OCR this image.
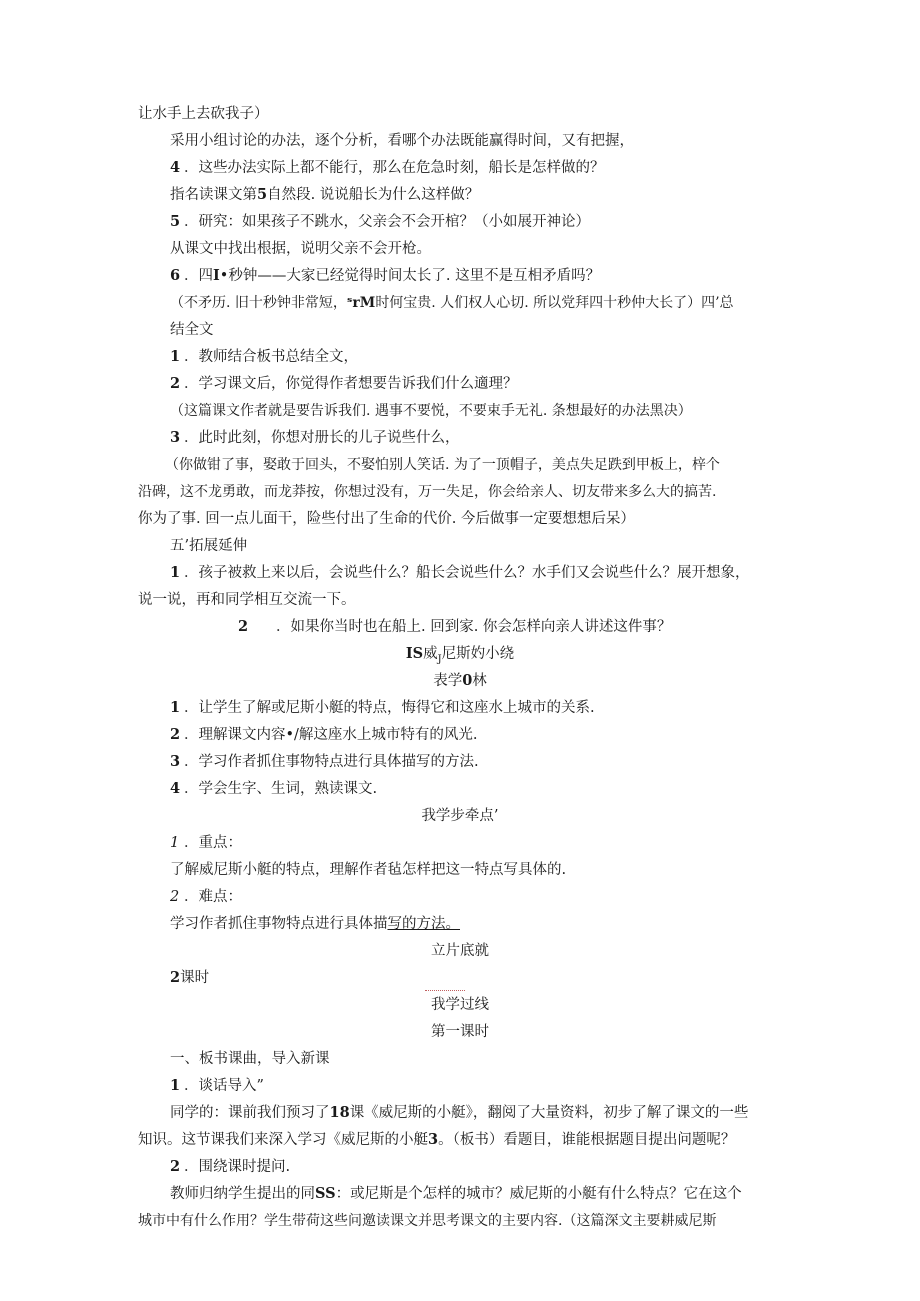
让水手上去砍我子）
采用小组讨论的办法，逐个分析，看哪个办法既能赢得时间，又有把握，
4 ．这些办法实际上都不能行，那么在危急时刻，船长是怎样做的？
指名读课文第5自然段. 说说船长为什么这样做？
5 ．研究：如果孩子不跳水，父亲会不会开棺？（小如展开神论）
从课文中找出根据，说明父亲不会开枪。
6 ．四I•秒钟——大家已经觉得时间太长了. 这里不是互相矛盾吗？
（不矛历. 旧十秒钟非常短，ˢrM时何宝贵. 人们权人心切. 所以党拜四十秒仲大长了）四’总
结全文
1 ．教师结合板书总结全文，
2 ．学习课文后，你觉得作者想要告诉我们什么適理？
（这篇课文作者就是要告诉我们. 遇事不要悦，不要束手无礼. 条想最好的办法黑决）
3 ．此时此刻，你想对册长的儿子说些什么，
（你做钳了事，娶敢于回头，不娶怕别人笑话. 为了一顶帽子，美点失足跌到甲板上，梓个
沿碑，这不龙勇敢，而龙莽按，你想过没有，万一失足，你会给亲人、切友带来多么大的搞苦.
你为了事. 回一点儿面干，险些付出了生命的代价. 今后做事一定要想想后呆）
五’拓展延伸
1 ．孩子被救上来以后，会说些什么？船长会说些什么？水手们又会说些什么？展开想象，
说一说，再和同学相互交流一下。
2 ．如果你当时也在船上. 回到家. 你会怎样向亲人讲述这件事？
IS威$_J$尼斯妁小绕
表学0林
1 ．让学生了解或尼斯小艇的特点，悔得它和这座水上城市的关系.
2 ．理解课文内容•/解这座水上城市特有的风光.
3 ．学习作者抓住事物特点进行具体描写的方法.
4 ．学会生字、生词，熟读课文.
我学步牵点’
1 ．重点：
了解威尼斯小艇的特点，理解作者毡怎样把这一特点写具体的.
2 ．难点：
学习作者抓住事物特点进行具体描写的方法。
立片底就
2课时
我学过线
第一课时
一、板书课曲，导入新课
1 ．谈话导入”
同学的：课前我们预习了18课《威尼斯的小艇》，翻阅了大量资料，初步了解了课文的一些
知识。这节课我们来深入学习《威尼斯的小艇3。（板书）看题目，谁能根据题目提出问题呢？
2 ．围绕课时提问.
教师归纳学生提出的同SS：或尼斯是个怎样的城市？威尼斯的小艇有什么特点？它在这个
城市中有什么作用？学生带荷这些问邀读课文并思考课文的主要内容.（这篇深文主要耕威尼斯
